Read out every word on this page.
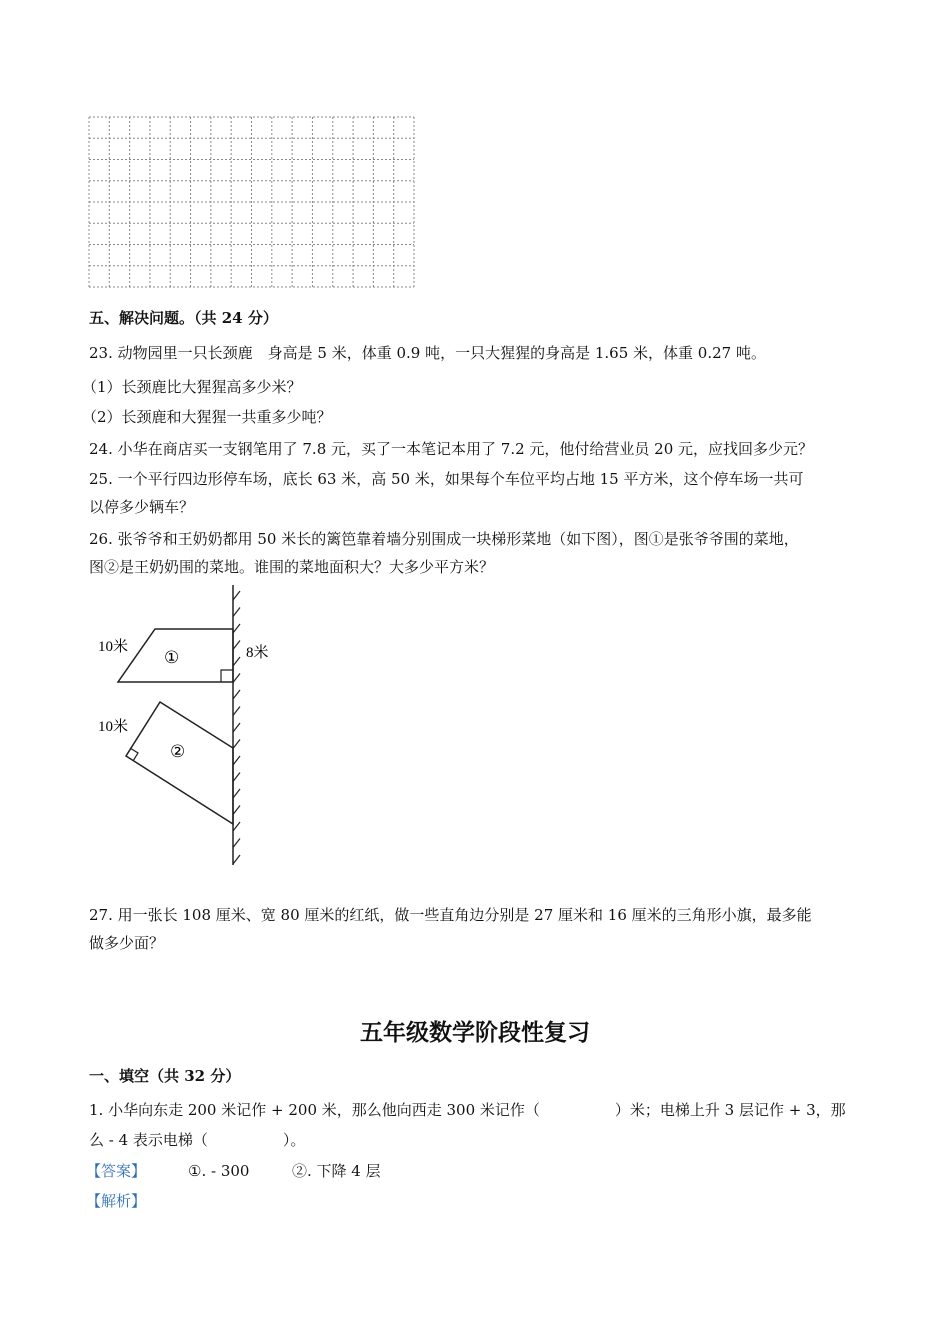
五、解决问题。（共 24 分）
23. 动物园里一只长颈鹿　身高是 5 米，体重 0.9 吨，一只大猩猩的身高是 1.65 米，体重 0.27 吨。
（1）长颈鹿比大猩猩高多少米？
（2）长颈鹿和大猩猩一共重多少吨？
24. 小华在商店买一支钢笔用了 7.8 元，买了一本笔记本用了 7.2 元，他付给营业员 20 元，应找回多少元？
25. 一个平行四边形停车场，底长 63 米，高 50 米，如果每个车位平均占地 15 平方米，这个停车场一共可
以停多少辆车？
26. 张爷爷和王奶奶都用 50 米长的篱笆靠着墙分别围成一块梯形菜地（如下图），图①是张爷爷围的菜地，
图②是王奶奶围的菜地。谁围的菜地面积大？大多少平方米？
10米	8米
10米
①
②
27. 用一张长 108 厘米、宽 80 厘米的红纸，做一些直角边分别是 27 厘米和 16 厘米的三角形小旗，最多能
做多少面？
五年级数学阶段性复习
一、填空（共 32 分）
1. 小华向东走 200 米记作 + 200 米，那么他向西走 300 米记作（　　　　　）米；电梯上升 3 层记作 + 3，那
么 - 4 表示电梯（　　　　　）。
【答案】	①. - 300	②. 下降 4 层
【解析】
